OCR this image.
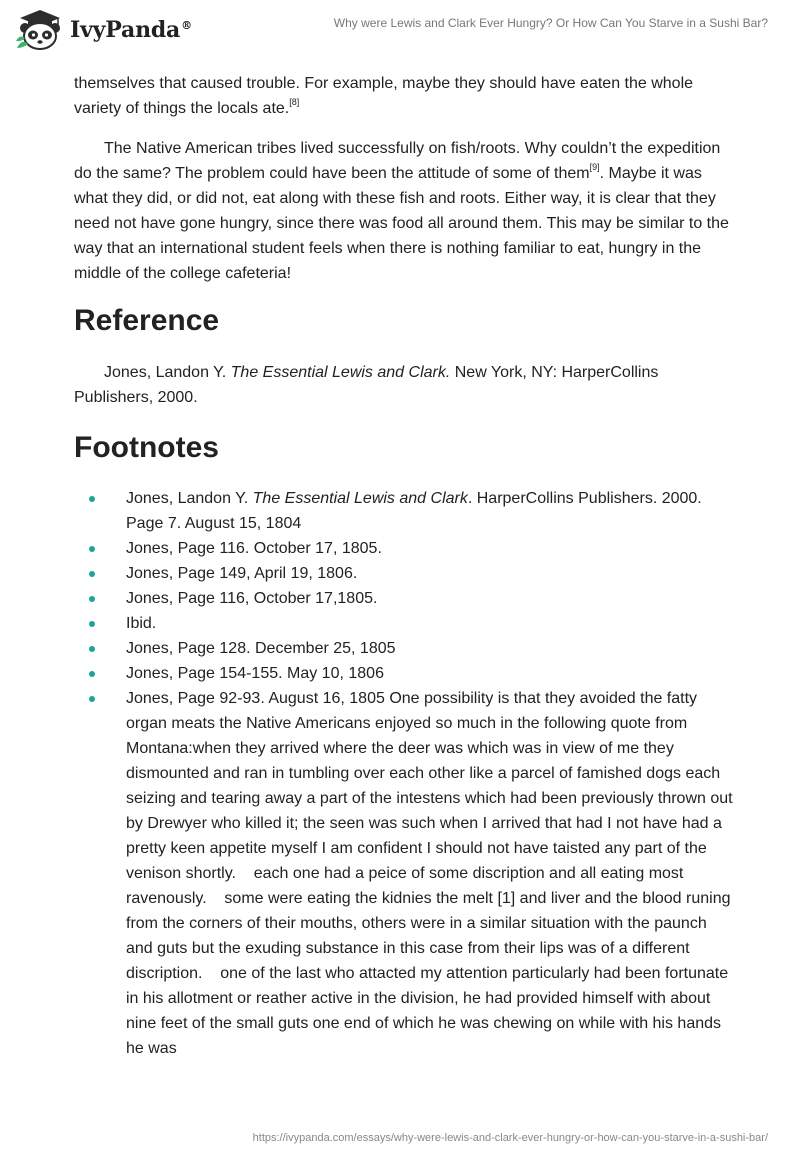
IvyPanda®	Why were Lewis and Clark Ever Hungry? Or How Can You Starve in a Sushi Bar?

themselves that caused trouble. For example, maybe they should have eaten the whole variety of things the locals ate.[8]

The Native American tribes lived successfully on fish/roots. Why couldn’t the expedition do the same? The problem could have been the attitude of some of them[9]. Maybe it was what they did, or did not, eat along with these fish and roots. Either way, it is clear that they need not have gone hungry, since there was food all around them. This may be similar to the way that an international student feels when there is nothing familiar to eat, hungry in the middle of the college cafeteria!

Reference

Jones, Landon Y. The Essential Lewis and Clark. New York, NY: HarperCollins Publishers, 2000.

Footnotes
Jones, Landon Y. The Essential Lewis and Clark. HarperCollins Publishers. 2000. Page 7. August 15, 1804
Jones, Page 116. October 17, 1805.
Jones, Page 149, April 19, 1806.
Jones, Page 116, October 17,1805.
Ibid.
Jones, Page 128. December 25, 1805
Jones, Page 154-155. May 10, 1806
Jones, Page 92-93. August 16, 1805 One possibility is that they avoided the fatty organ meats the Native Americans enjoyed so much in the following quote from Montana:when they arrived where the deer was which was in view of me they dismounted and ran in tumbling over each other like a parcel of famished dogs each seizing and tearing away a part of the intestens which had been previously thrown out by Drewyer who killed it; the seen was such when I arrived that had I not have had a pretty keen appetite myself I am confident I should not have taisted any part of the venison shortly.    each one had a peice of some discription and all eating most ravenously.    some were eating the kidnies the melt [1] and liver and the blood runing from the corners of their mouths, others were in a similar situation with the paunch and guts but the exuding substance in this case from their lips was of a different discription.    one of the last who attacted my attention particularly had been fortunate in his allotment or reather active in the division, he had provided himself with about nine feet of the small guts one end of which he was chewing on while with his hands he was
https://ivypanda.com/essays/why-were-lewis-and-clark-ever-hungry-or-how-can-you-starve-in-a-sushi-bar/
